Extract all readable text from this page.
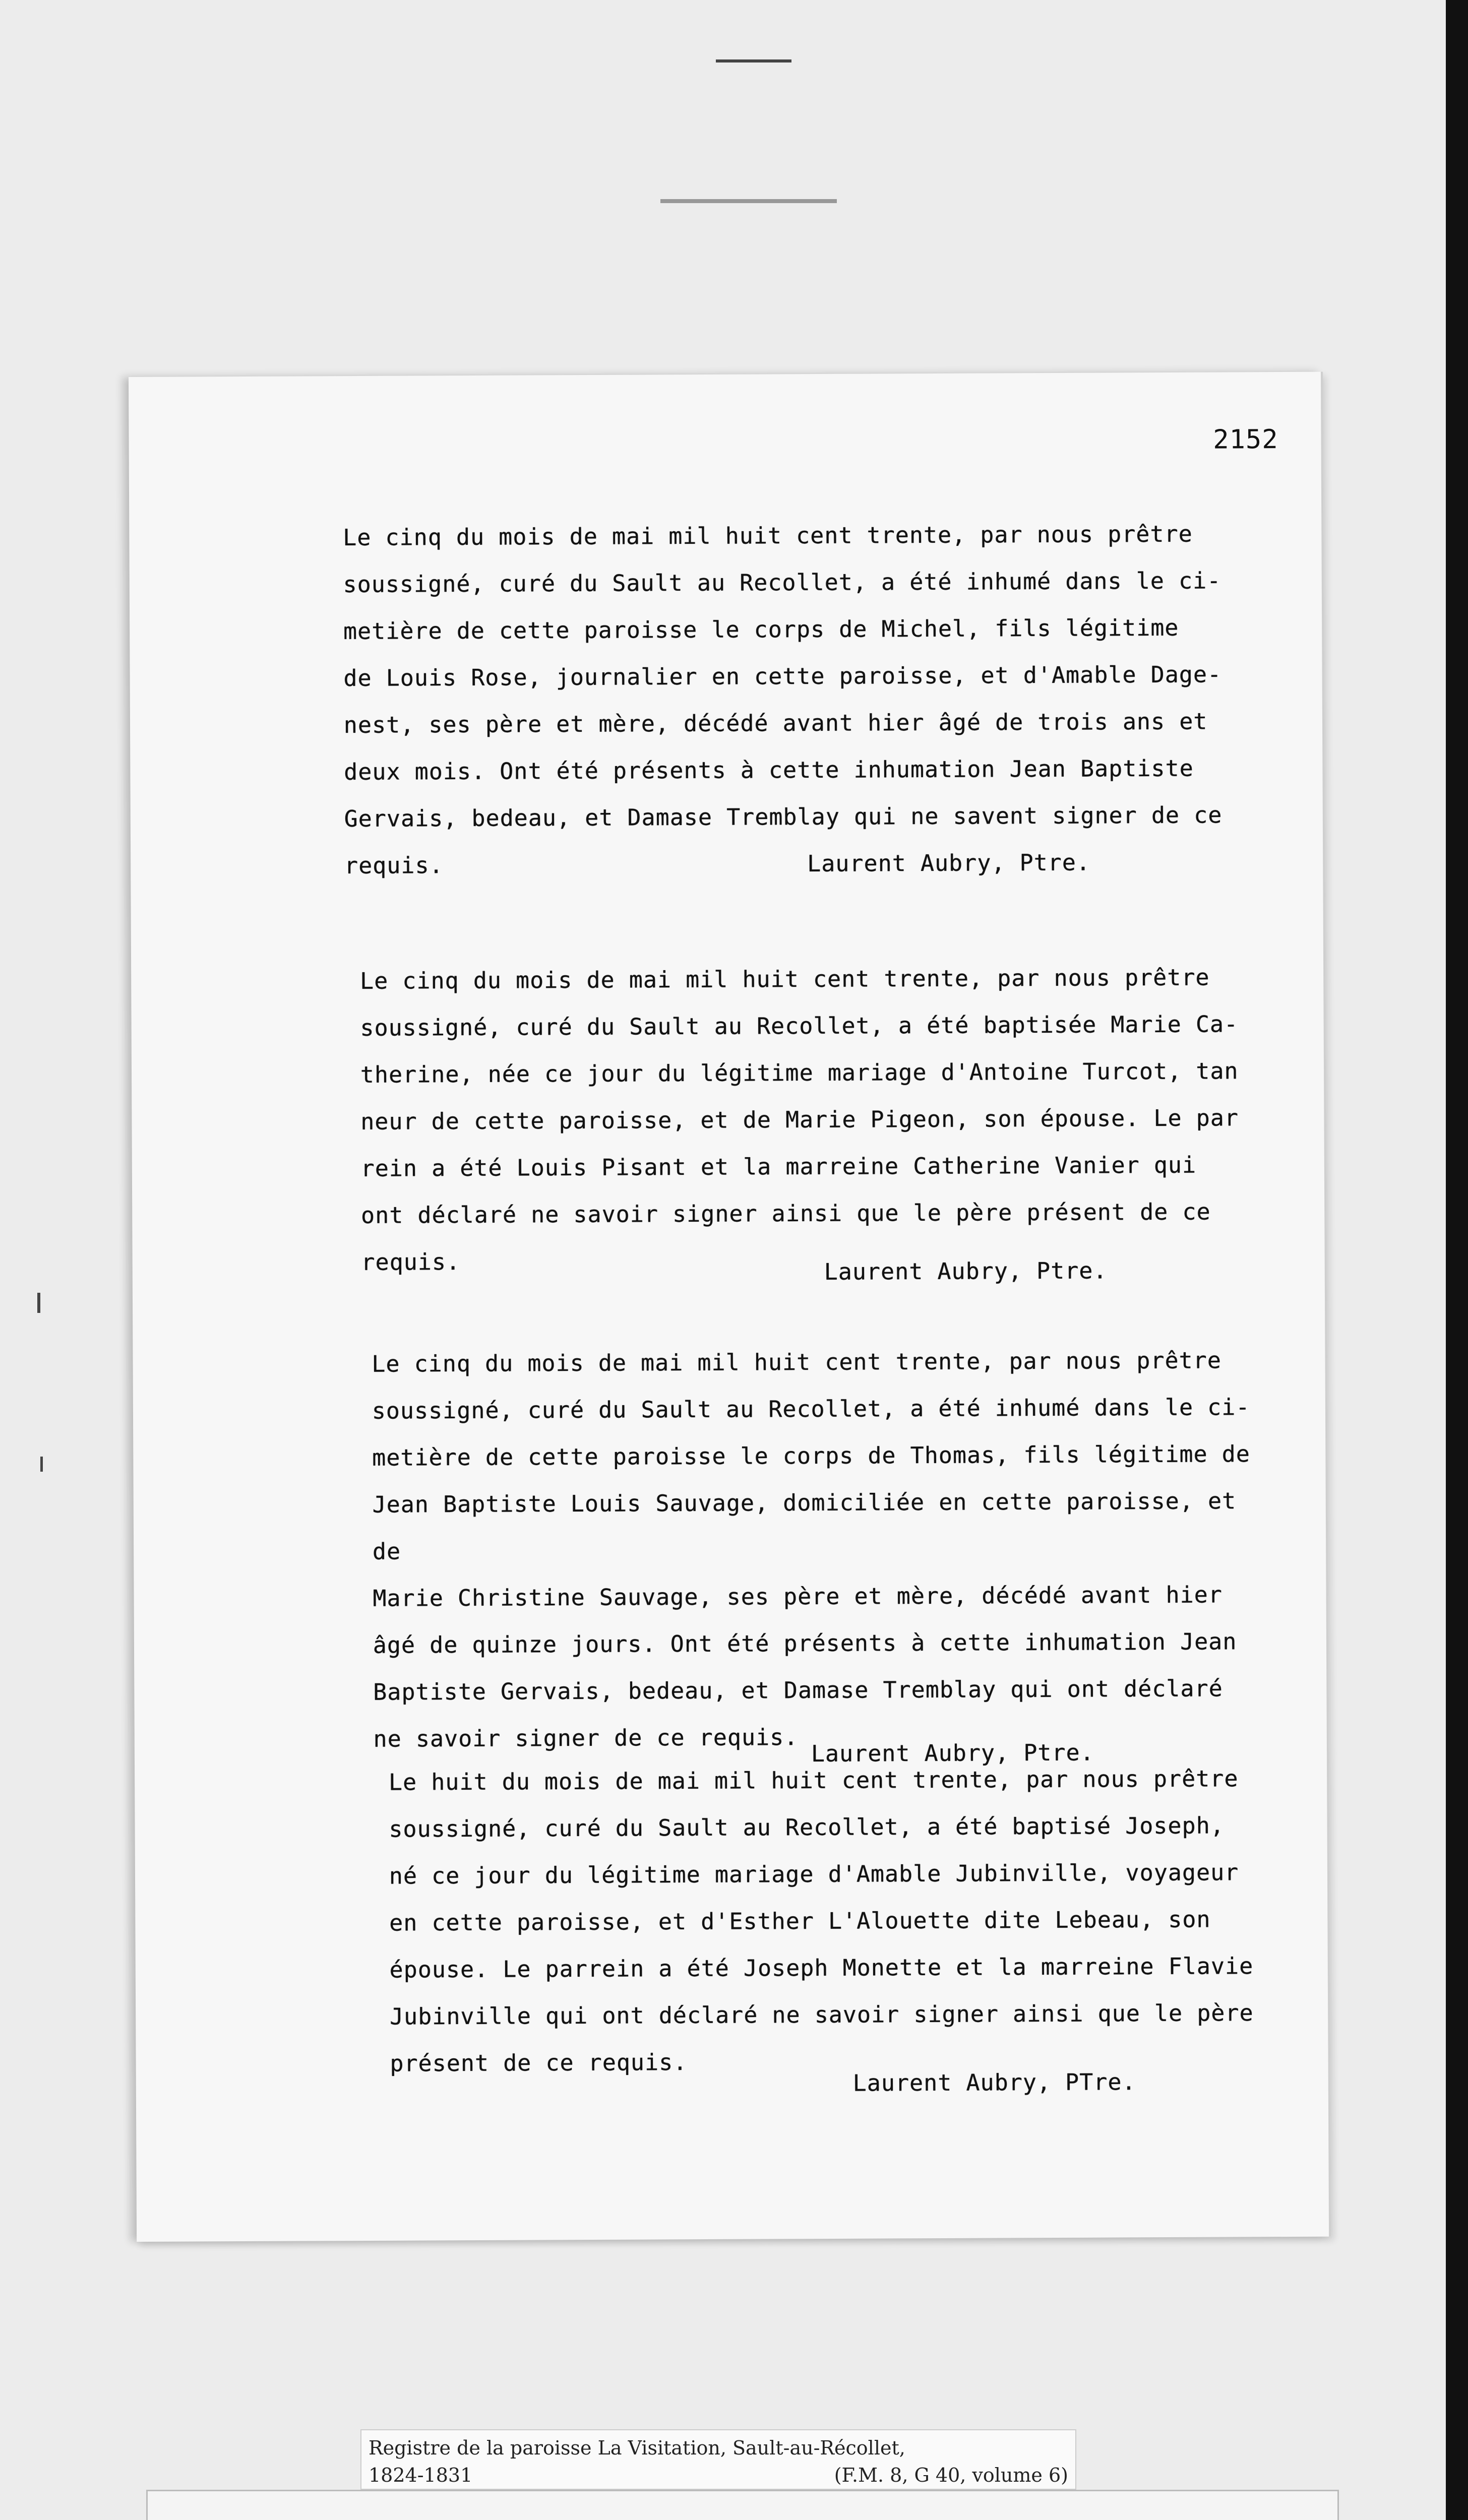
2152

Le cinq du mois de mai mil huit cent trente, par nous prêtre

soussigné, curé du Sault au Recollet, a été inhumé dans le ci-

metière de cette paroisse le corps de Michel, fils légitime

de Louis Rose, journalier en cette paroisse, et d'Amable Dage-

nest, ses père et mère, décédé avant hier âgé de trois ans et

deux mois. Ont été présents à cette inhumation Jean Baptiste

Gervais, bedeau, et Damase Tremblay qui ne savent signer de ce

requis.	Laurent Aubry, Ptre.

Le cinq du mois de mai mil huit cent trente, par nous prêtre

soussigné, curé du Sault au Recollet, a été baptisée Marie Ca-

therine, née ce jour du légitime mariage d'Antoine Turcot, tan

neur de cette paroisse, et de Marie Pigeon, son épouse. Le par

rein a été Louis Pisant et la marreine Catherine Vanier qui

ont déclaré ne savoir signer ainsi que le père présent de ce

requis.	Laurent Aubry, Ptre.

Le cinq du mois de mai mil huit cent trente, par nous prêtre

soussigné, curé du Sault au Recollet, a été inhumé dans le ci-

metière de cette paroisse le corps de Thomas, fils légitime de

Jean Baptiste Louis Sauvage, domiciliée en cette paroisse, et de

Marie Christine Sauvage, ses père et mère, décédé avant hier

âgé de quinze jours. Ont été présents à cette inhumation Jean

Baptiste Gervais, bedeau, et Damase Tremblay qui ont déclaré

ne savoir signer de ce requis.

Laurent Aubry, Ptre.

Le huit du mois de mai mil huit cent trente, par nous prêtre

soussigné, curé du Sault au Recollet, a été baptisé Joseph,

né ce jour du légitime mariage d'Amable Jubinville, voyageur

en cette paroisse, et d'Esther L'Alouette dite Lebeau, son

épouse. Le parrein a été Joseph Monette et la marreine Flavie

Jubinville qui ont déclaré ne savoir signer ainsi que le père

présent de ce requis.

Laurent Aubry, PTre.

Registre de la paroisse La Visitation, Sault-au-Récollet,
1824-1831	(F.M. 8, G 40, volume 6)
